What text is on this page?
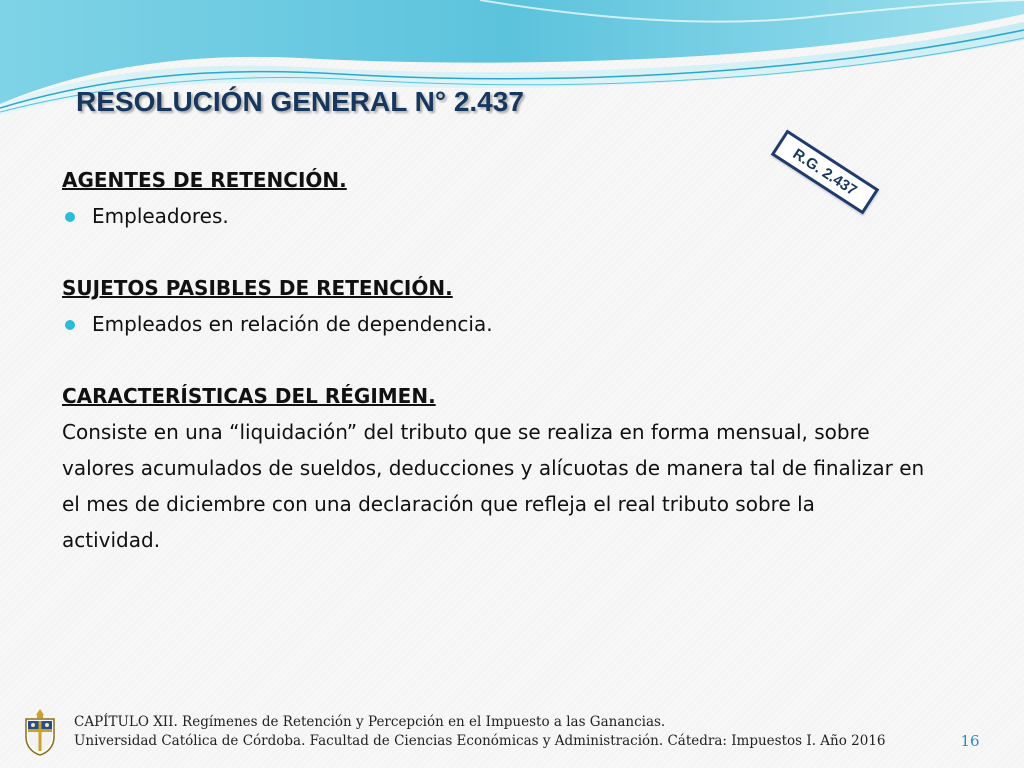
RESOLUCIÓN GENERAL N° 2.437
R.G. 2.437

AGENTES DE RETENCIÓN.

Empleadores.

SUJETOS PASIBLES DE RETENCIÓN.

Empleados en relación de dependencia.

CARACTERÍSTICAS DEL RÉGIMEN.

Consiste en una “liquidación” del tributo que se realiza en forma mensual, sobre

valores acumulados de sueldos, deducciones y alícuotas de manera tal de finalizar en

el mes de diciembre con una declaración que refleja el real tributo sobre la

actividad.

CAPÍTULO XII. Regímenes de Retención y Percepción en el Impuesto a las Ganancias.
Universidad Católica de Córdoba. Facultad de Ciencias Económicas y Administración. Cátedra: Impuestos I. Año 2016	16
